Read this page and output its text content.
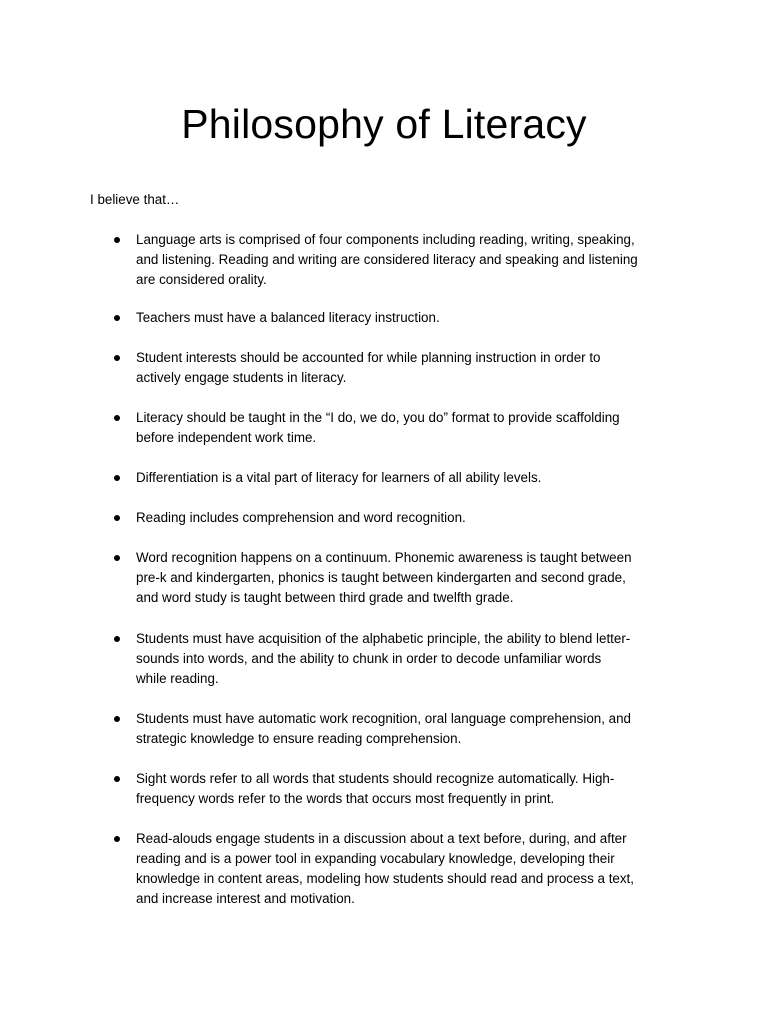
Philosophy of Literacy

I believe that…

Language arts is comprised of four components including reading, writing, speaking,
and listening. Reading and writing are considered literacy and speaking and listening
are considered orality.
Teachers must have a balanced literacy instruction.
Student interests should be accounted for while planning instruction in order to
actively engage students in literacy.
Literacy should be taught in the “I do, we do, you do” format to provide scaffolding
before independent work time.
Differentiation is a vital part of literacy for learners of all ability levels.
Reading includes comprehension and word recognition.
Word recognition happens on a continuum. Phonemic awareness is taught between
pre-k and kindergarten, phonics is taught between kindergarten and second grade,
and word study is taught between third grade and twelfth grade.
Students must have acquisition of the alphabetic principle, the ability to blend letter-
sounds into words, and the ability to chunk in order to decode unfamiliar words
while reading.
Students must have automatic work recognition, oral language comprehension, and
strategic knowledge to ensure reading comprehension.
Sight words refer to all words that students should recognize automatically. High-
frequency words refer to the words that occurs most frequently in print.
Read-alouds engage students in a discussion about a text before, during, and after
reading and is a power tool in expanding vocabulary knowledge, developing their
knowledge in content areas, modeling how students should read and process a text,
and increase interest and motivation.
